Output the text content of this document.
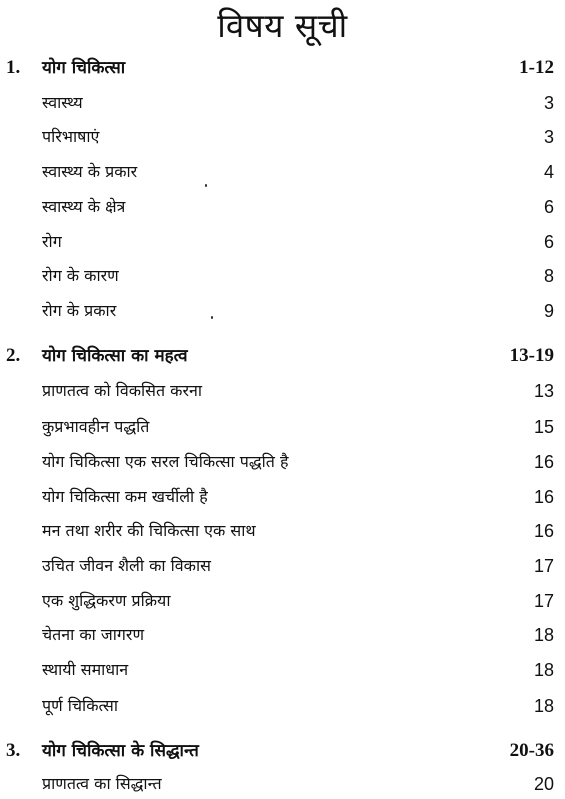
विषय सूची
1. योग चिकित्सा	1-12
स्वास्थ्य	3
परिभाषाएं	3
स्वास्थ्य के प्रकार	4
स्वास्थ्य के क्षेत्र	6
रोग	6
रोग के कारण	8
रोग के प्रकार	9
2. योग चिकित्सा का महत्व	13-19
प्राणतत्व को विकसित करना	13
कुप्रभावहीन पद्धति	15
योग चिकित्सा एक सरल चिकित्सा पद्धति है	16
योग चिकित्सा कम खर्चीली है	16
मन तथा शरीर की चिकित्सा एक साथ	16
उचित जीवन शैली का विकास	17
एक शुद्धिकरण प्रक्रिया	17
चेतना का जागरण	18
स्थायी समाधान	18
पूर्ण चिकित्सा	18
3. योग चिकित्सा के सिद्धान्त	20-36
प्राणतत्व का सिद्धान्त	20
